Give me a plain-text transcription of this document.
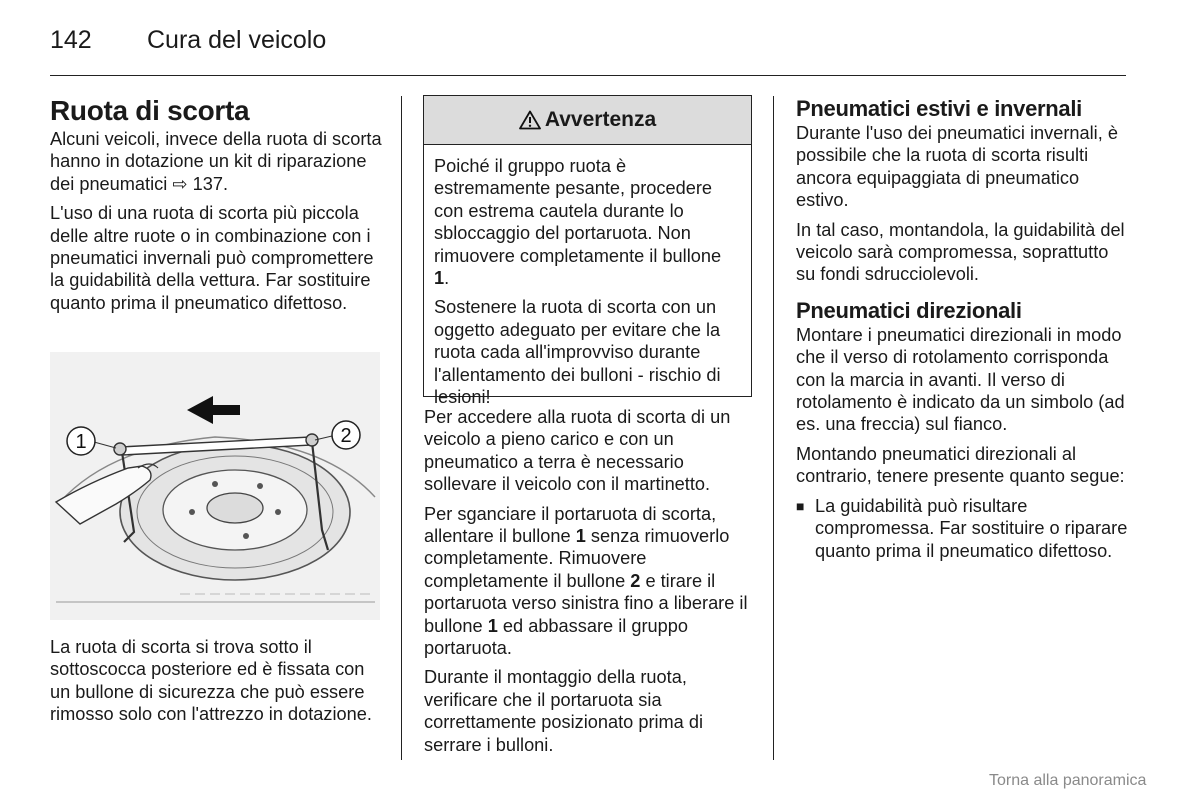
142 Cura del veicolo
Ruota di scorta

Alcuni veicoli, invece della ruota di scorta hanno in dotazione un kit di riparazione dei pneumatici ⇨ 137.

L'uso di una ruota di scorta più piccola delle altre ruote o in combinazione con i pneumatici invernali può compromettere la guidabilità della vettura. Far sostituire quanto prima il pneumatico difettoso.

1	2

La ruota di scorta si trova sotto il sottoscocca posteriore ed è fissata con un bullone di sicurezza che può essere rimosso solo con l'attrezzo in dotazione.

Avvertenza

Poiché il gruppo ruota è estremamente pesante, procedere con estrema cautela durante lo sbloccaggio del portaruota. Non rimuovere completamente il bullone 1.

Sostenere la ruota di scorta con un oggetto adeguato per evitare che la ruota cada all'improvviso durante l'allentamento dei bulloni - rischio di lesioni!

Per accedere alla ruota di scorta di un veicolo a pieno carico e con un pneumatico a terra è necessario sollevare il veicolo con il martinetto.

Per sganciare il portaruota di scorta, allentare il bullone 1 senza rimuoverlo completamente. Rimuovere completamente il bullone 2 e tirare il portaruota verso sinistra fino a liberare il bullone 1 ed abbassare il gruppo portaruota.

Durante il montaggio della ruota, verificare che il portaruota sia correttamente posizionato prima di serrare i bulloni.

Pneumatici estivi e invernali

Durante l'uso dei pneumatici invernali, è possibile che la ruota di scorta risulti ancora equipaggiata di pneumatico estivo.

In tal caso, montandola, la guidabilità del veicolo sarà compromessa, soprattutto su fondi sdrucciolevoli.

Pneumatici direzionali

Montare i pneumatici direzionali in modo che il verso di rotolamento corrisponda con la marcia in avanti. Il verso di rotolamento è indicato da un simbolo (ad es. una freccia) sul fianco.

Montando pneumatici direzionali al contrario, tenere presente quanto segue:

■ La guidabilità può risultare compromessa. Far sostituire o riparare quanto prima il pneumatico difettoso.
Torna alla panoramica
